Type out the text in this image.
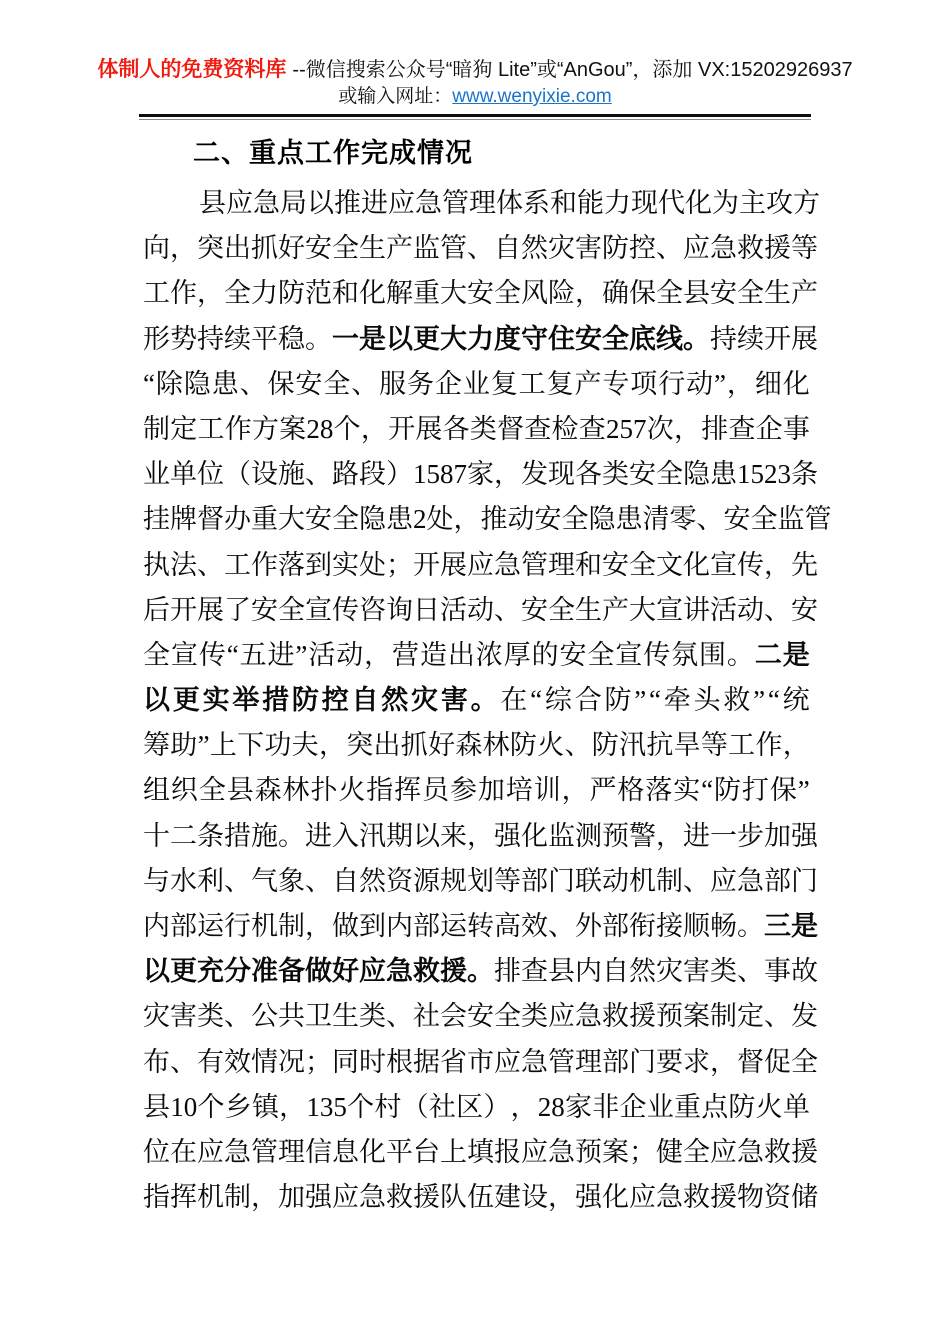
体制人的免费资料库 --微信搜索公众号“暗狗 Lite”或“AnGou”，添加 VX:15202926937
或输入网址：www.wenyixie.com
二、重点工作完成情况
县 应 急 局 以 推 进 应 急 管 理 体 系 和 能 力 现 代 化 为 主 攻 方
向 ， 突 出 抓 好 安 全 生 产 监 管 、 自 然 灾 害 防 控 、 应 急 救 援 等
工 作 ， 全 力 防 范 和 化 解 重 大 安 全 风 险 ， 确 保 全 县 安 全 生 产
形 势 持 续 平 稳 。 一 是 以 更 大 力 度 守 住 安 全 底 线 。 持 续 开 展
“ 除 隐 患 、 保 安 全 、 服 务 企 业 复 工 复 产 专 项 行 动 ” ， 细 化
制 定 工 作 方 案 28 个 ， 开 展 各 类 督 查 检 查 257 次 ， 排 查 企 事
业 单 位 （ 设 施 、 路 段 ） 1587 家 ， 发 现 各 类 安 全 隐 患 1523 条
挂 牌 督 办 重 大 安 全 隐 患 2 处 ， 推 动 安 全 隐 患 清 零 、 安 全 监 管
执 法 、 工 作 落 到 实 处 ； 开 展 应 急 管 理 和 安 全 文 化 宣 传 ， 先
后 开 展 了 安 全 宣 传 咨 询 日 活 动 、 安 全 生 产 大 宣 讲 活 动 、 安
全 宣 传 “ 五 进 ” 活 动 ， 营 造 出 浓 厚 的 安 全 宣 传 氛 围 。 二 是
以 更 实 举 措 防 控 自 然 灾 害 。 在 “ 综 合 防 ” “ 牵 头 救 ” “ 统
筹 助 ” 上 下 功 夫 ， 突 出 抓 好 森 林 防 火 、 防 汛 抗 旱 等 工 作 ，
组 织 全 县 森 林 扑 火 指 挥 员 参 加 培 训 ， 严 格 落 实 “ 防 打 保 ”
十 二 条 措 施 。 进 入 汛 期 以 来 ， 强 化 监 测 预 警 ， 进 一 步 加 强
与 水 利 、 气 象 、 自 然 资 源 规 划 等 部 门 联 动 机 制 、 应 急 部 门
内 部 运 行 机 制 ， 做 到 内 部 运 转 高 效 、 外 部 衔 接 顺 畅 。 三 是
以 更 充 分 准 备 做 好 应 急 救 援 。 排 查 县 内 自 然 灾 害 类 、 事 故
灾 害 类 、 公 共 卫 生 类 、 社 会 安 全 类 应 急 救 援 预 案 制 定 、 发
布 、 有 效 情 况 ； 同 时 根 据 省 市 应 急 管 理 部 门 要 求 ， 督 促 全
县 10 个 乡 镇 ， 135 个 村 （ 社 区 ） ， 28 家 非 企 业 重 点 防 火 单
位 在 应 急 管 理 信 息 化 平 台 上 填 报 应 急 预 案 ； 健 全 应 急 救 援
指 挥 机 制 ， 加 强 应 急 救 援 队 伍 建 设 ， 强 化 应 急 救 援 物 资 储
